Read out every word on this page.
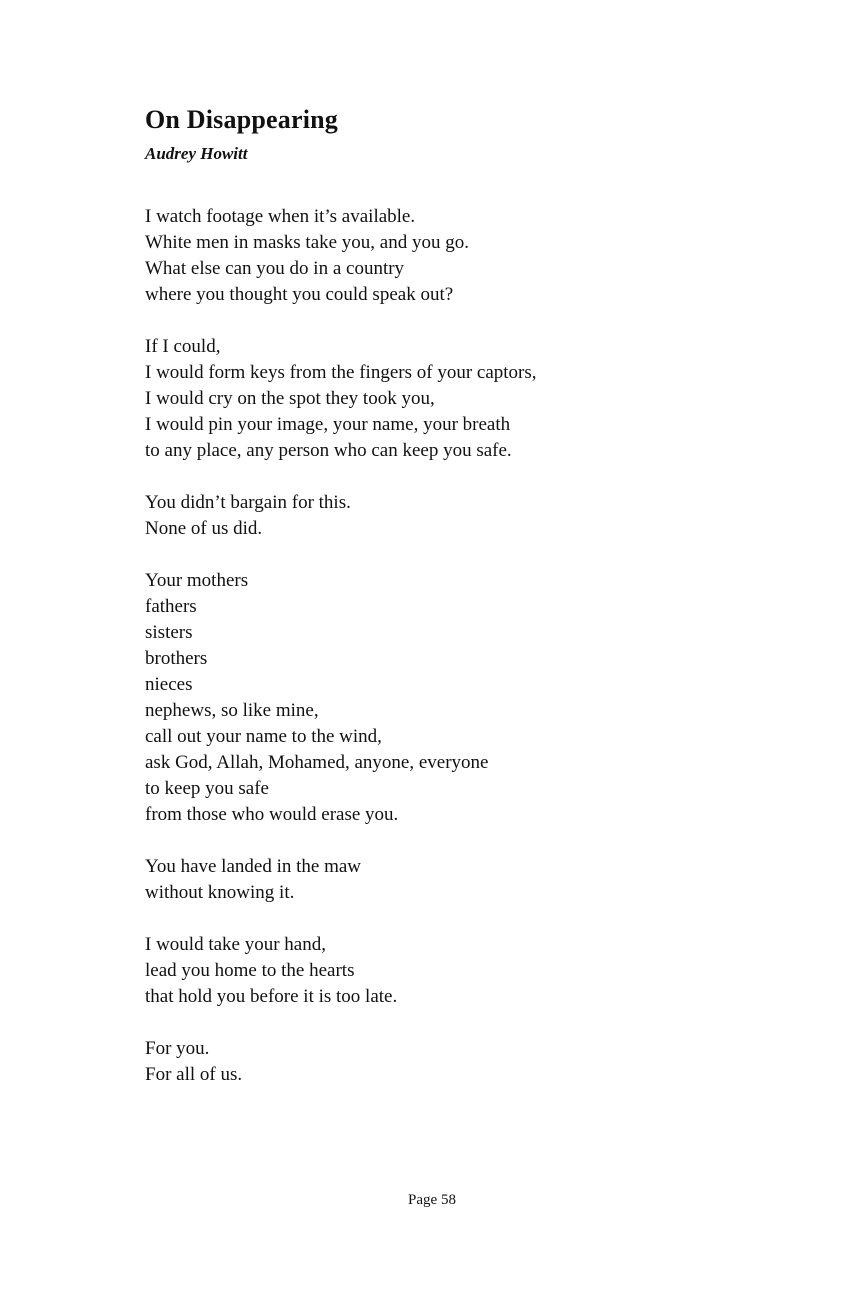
On Disappearing
Audrey Howitt
I watch footage when it’s available.
White men in masks take you, and you go.
What else can you do in a country
where you thought you could speak out?
If I could,
I would form keys from the fingers of your captors,
I would cry on the spot they took you,
I would pin your image, your name, your breath
to any place, any person who can keep you safe.
You didn’t bargain for this.
None of us did.
Your mothers
fathers
sisters
brothers
nieces
nephews, so like mine,
call out your name to the wind,
ask God, Allah, Mohamed, anyone, everyone
to keep you safe
from those who would erase you.
You have landed in the maw
without knowing it.
I would take your hand,
lead you home to the hearts
that hold you before it is too late.
For you.
For all of us.
Page 58
